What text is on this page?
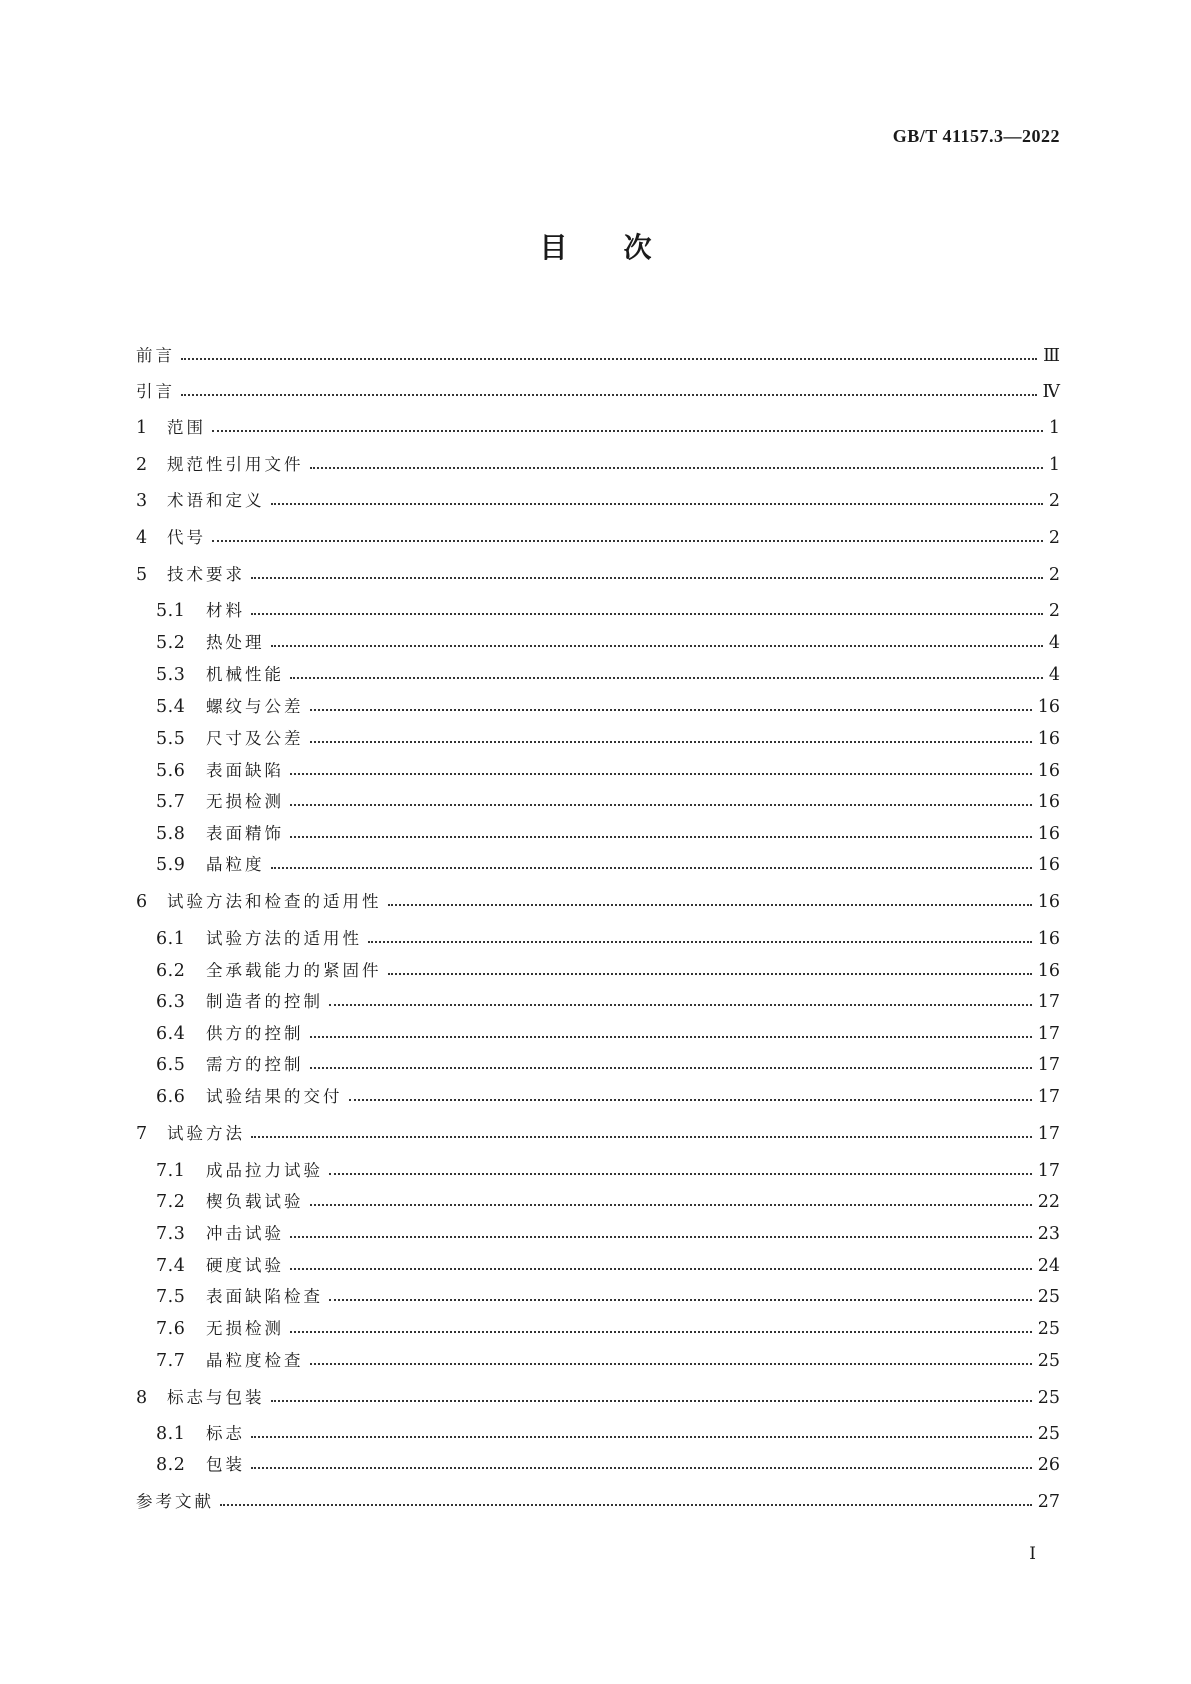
GB/T 41157.3—2022
目　　次
前言	Ⅲ
引言	Ⅳ
1	范围	1
2	规范性引用文件	1
3	术语和定义	2
4	代号	2
5	技术要求	2
5.1	材料	2
5.2	热处理	4
5.3	机械性能	4
5.4	螺纹与公差	16
5.5	尺寸及公差	16
5.6	表面缺陷	16
5.7	无损检测	16
5.8	表面精饰	16
5.9	晶粒度	16
6	试验方法和检查的适用性	16
6.1	试验方法的适用性	16
6.2	全承载能力的紧固件	16
6.3	制造者的控制	17
6.4	供方的控制	17
6.5	需方的控制	17
6.6	试验结果的交付	17
7	试验方法	17
7.1	成品拉力试验	17
7.2	楔负载试验	22
7.3	冲击试验	23
7.4	硬度试验	24
7.5	表面缺陷检查	25
7.6	无损检测	25
7.7	晶粒度检查	25
8	标志与包装	25
8.1	标志	25
8.2	包装	26
参考文献	27
I
